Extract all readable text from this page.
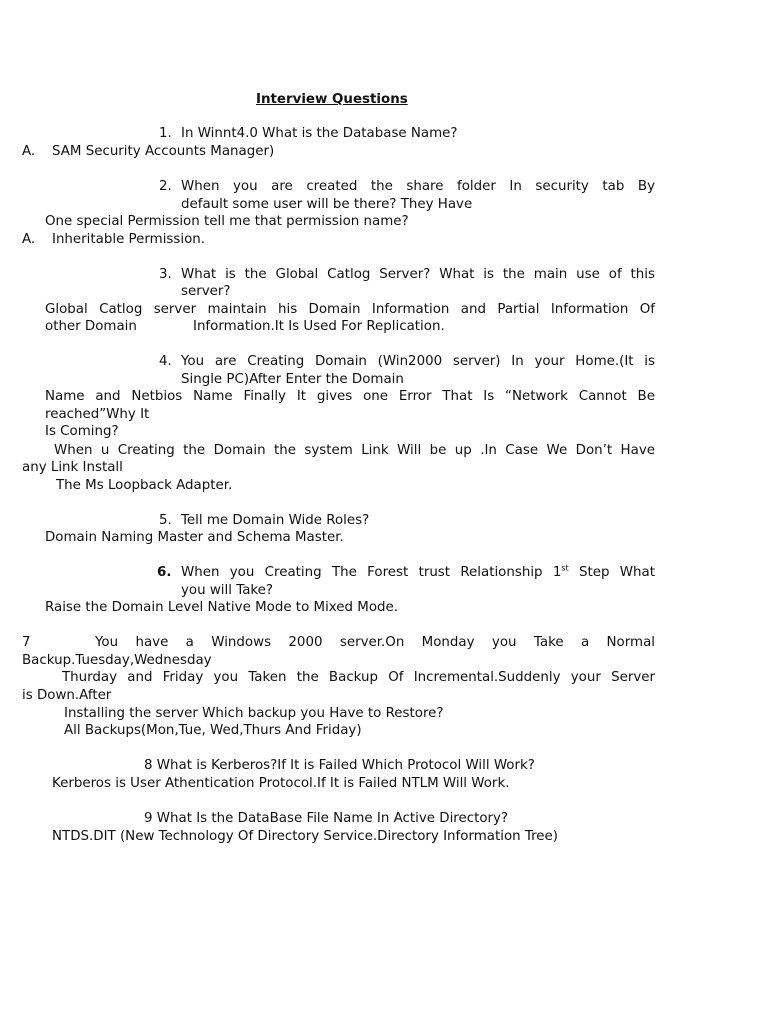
Interview Questions
1. In Winnt4.0 What is the Database Name?
A. SAM Security Accounts Manager)
2. When you are created the share folder In security tab By
default some user will be there? They Have
One special Permission tell me that permission name?
A. Inheritable Permission.
3. What is the Global Catlog Server? What is the main use of this
server?
Global Catlog server maintain his Domain Information and Partial Information Of
other Domain	Information.It Is Used For Replication.
4. You are Creating Domain (Win2000 server) In your Home.(It is
Single PC)After Enter the Domain
Name and Netbios Name Finally It gives one Error That Is “Network Cannot Be
reached”Why It
Is Coming?
When u Creating the Domain the system Link Will be up .In Case We Don’t Have
any Link Install
The Ms Loopback Adapter.
5. Tell me Domain Wide Roles?
Domain Naming Master and Schema Master.
6. When you Creating The Forest trust Relationship 1st Step What
you will Take?
Raise the Domain Level Native Mode to Mixed Mode.
7	You have a Windows 2000 server.On Monday you Take a Normal
Backup.Tuesday,Wednesday
Thurday and Friday you Taken the Backup Of Incremental.Suddenly your Server
is Down.After
Installing the server Which backup you Have to Restore?
All Backups(Mon,Tue, Wed,Thurs And Friday)
8 What is Kerberos?If It is Failed Which Protocol Will Work?
Kerberos is User Athentication Protocol.If It is Failed NTLM Will Work.
9 What Is the DataBase File Name In Active Directory?
NTDS.DIT (New Technology Of Directory Service.Directory Information Tree)
